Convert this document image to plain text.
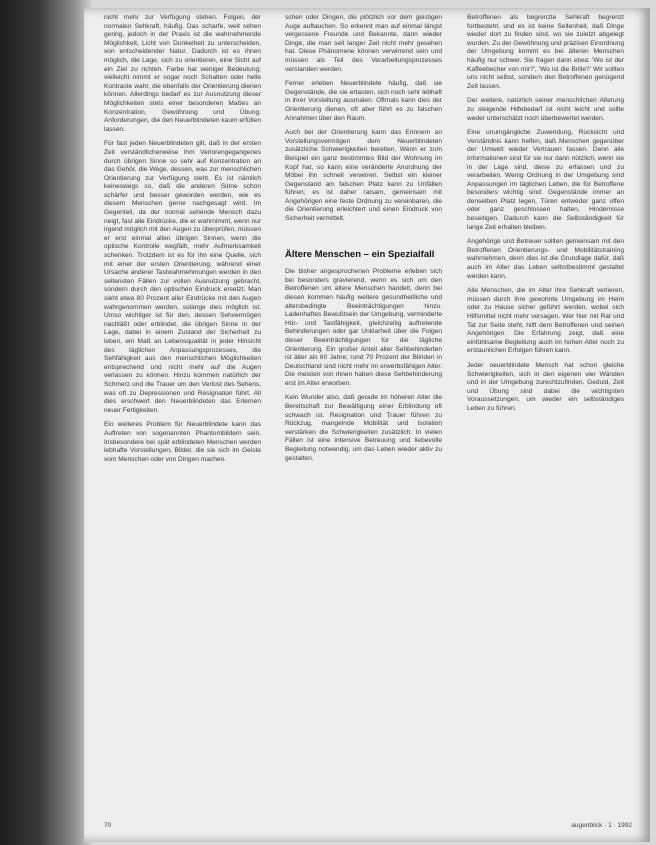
nicht mehr zur Verfügung stehen. Folgen, der normalen Sehkraft, häufig. Das scharfe, weit sehen gering, jedoch in der Praxis ist die wahrnehmende Möglichkeit, Licht von Dunkelheit zu unterscheiden, von entscheidender Natur. Dadurch ist es ihnen möglich, die Lage, sich zu orientieren, eine Sicht auf ein Ziel zu richten. Farbe hat weniger Bedeutung; vielleicht nimmt er sogar noch Schatten oder helle Kontraste wahr, die ebenfalls der Orientierung dienen können. Allerdings bedarf es zur Ausnutzung dieser Möglichkeiten stets einer besonderen Maßes an Konzentration, Gewöhnung und Übung. Anforderungen, die den Neuerblindeten kaum erfüllen lassen.

Für fast jeden Neuerblindeten gilt, daß in der ersten Zeit verständlicherweise ihm Verlorengegangenes durch übrigen Sinne so sehr auf Konzentration an das Gehör, die Wege, dessen, was zur menschlichen Orientierung zur Verfügung steht. Es ist nämlich keineswegs so, daß die anderen Sinne schon schärfer und besser geworden werden, wie es diesem Menschen gerne nachgesagt wird. Im Gegenteil, da der normal sehende Mensch dazu neigt, fast alle Eindrücke, die er wahrnimmt, wenn nur irgend möglich mit den Augen zu überprüfen, müssen er erst einmal allen übrigen Sinnen, wenn die optische Kontrolle wegfällt, mehr Aufmerksamkeit schenken. Trotzdem ist es für ihn eine Quelle, sich mit einer der ersten Orientierung, während einer Ursache anderer Tastwahrnehmungen werden in den seltensten Fällen zur vollen Ausnutzung gebracht, sondern durch den optischen Eindruck ersetzt. Man sieht etwa 80 Prozent aller Eindrücke mit den Augen wahrgenommen werden, solange dies möglich ist. Umso wichtiger ist für den, dessen Sehvermögen nachläßt oder erblindet, die übrigen Sinne in der Lage, dabei in einem Zustand der Sicherheit zu leben, ein Maß an Lebensqualität in jeder Hinsicht des täglichen Anpassungsprozesses, die Sehfähigkeit aus den menschlichen Möglichkeiten entsprechend und nicht mehr auf die Augen verlassen zu können. Hinzu kommen natürlich der Schmerz und die Trauer um den Verlust des Sehens, was oft zu Depressionen und Resignation führt. All dies erschwert den Neuerblindeten das Erlernen neuer Fertigkeiten.

Ein weiteres Problem für Neuerblindete kann das Auftreten von sogenannten Phantombildern sein. Insbesondere bei spät erblindeten Menschen werden lebhafte Vorstellungen, Bilder, die sie sich im Geiste vom Menschen oder von Dingen machen.

schen oder Dingen, die plötzlich vor dem geistigen Auge auftauchen. So erkennt man auf einmal längst vergessene Freunde und Bekannte, dann wieder Dinge, die man seit langer Zeit nicht mehr gesehen hat. Diese Phänomene können verwirrend sein und müssen als Teil des Verarbeitungsprozesses verstanden werden.

Ferner erleben Neuerblindete häufig, daß sie Gegenstände, die sie ertasten, sich noch sehr lebhaft in ihrer Vorstellung ausmalen. Oftmals kann dies der Orientierung dienen, oft aber führt es zu falschen Annahmen über den Raum.

Auch bei der Orientierung kann das Erinnern an Vorstellungsvermögen dem Neuerblindeten zusätzliche Schwierigkeiten bereiten. Wenn er zum Beispiel ein ganz bestimmtes Bild der Wohnung im Kopf hat, so kann eine veränderte Anordnung der Möbel ihn schnell verwirren. Selbst ein kleiner Gegenstand am falschen Platz kann zu Unfällen führen; es ist daher ratsam, gemeinsam mit Angehörigen eine feste Ordnung zu vereinbaren, die die Orientierung erleichtert und einen Eindruck von Sicherheit vermittelt.

Ältere Menschen – ein Spezialfall

Die bisher angesprochenen Probleme erleben sich bei besonders gravierend, wenn es sich um den Betroffenen um ältere Menschen handelt, denn bei diesen kommen häufig weitere gesundheitliche und altersbedingte Beeinträchtigungen hinzu. Ladenhaftes Bewußtsein der Umgebung, verminderte Hör- und Tastfähigkeit, gleichzeitig auftretende Behinderungen oder gar Unklarheit über die Folgen dieser Beeinträchtigungen für die tägliche Orientierung. Ein großer Anteil aller Sehbehinderten ist älter als 60 Jahre; rund 70 Prozent der Blinden in Deutschland sind nicht mehr im erwerbsfähigen Alter. Die meisten von ihnen haben diese Sehbehinderung erst im Alter erworben.

Kein Wunder also, daß gerade im höheren Alter die Bereitschaft zur Bewältigung einer Erblindung oft schwach ist. Resignation und Trauer führen zu Rückzug, mangelnde Mobilität und Isolation verstärken die Schwierigkeiten zusätzlich. In vielen Fällen ist eine intensive Betreuung und liebevolle Begleitung notwendig, um das Leben wieder aktiv zu gestalten.

Betroffenen als begrenzte Sehkraft begrenzt fortbesteht, und es ist keine Seltenheit, daß Dinge wieder dort zu finden sind, wo sie zuletzt abgelegt wurden. Zu der Gewöhnung und präzisen Einordnung der Umgebung kommt es bei älteren Menschen häufig nur schwer. Sie fragen dann etwa: 'Wo ist der Kaffeebecher von mir?', 'Wo ist die Brille?' Wir sollten uns nicht selbst, sondern den Betroffenen genügend Zeit lassen.

Der weitere, natürlich seiner menschlichen Alterung zu steigende Hilfebedarf ist nicht leicht und sollte weder unterschätzt noch überbewertet werden.

Eine unumgängliche Zuwendung, Rücksicht und Verständnis kann helfen, daß Menschen gegenüber der Umwelt wieder Vertrauen fassen. Denn alle Informationen sind für sie nur dann nützlich, wenn sie in der Lage sind, diese zu erfassen und zu verarbeiten. Wenig Ordnung in der Umgebung sind Anpassungen im täglichen Leben, die für Betroffene besonders wichtig sind: Gegenstände immer an denselben Platz legen, Türen entweder ganz offen oder ganz geschlossen halten, Hindernisse beseitigen. Dadurch kann die Selbständigkeit für lange Zeit erhalten bleiben.

Angehörige und Betreuer sollten gemeinsam mit den Betroffenen Orientierungs- und Mobilitätstraining wahrnehmen, denn dies ist die Grundlage dafür, daß auch im Alter das Leben selbstbestimmt gestaltet werden kann.

Alle Menschen, die im Alter ihre Sehkraft verlieren, müssen durch ihre gewohnte Umgebung im Heim oder zu Hause sicher geführt werden, wobei sich Hilfsmittel nicht mehr versagen. Wer hier mit Rat und Tat zur Seite steht, hilft dem Betroffenen und seinen Angehörigen. Die Erfahrung zeigt, daß eine einfühlsame Begleitung auch im hohen Alter noch zu erstaunlichen Erfolgen führen kann.

Jeder neuerblindete Mensch hat schon gleiche Schwierigkeiten, sich in den eigenen vier Wänden und in der Umgebung zurechtzufinden. Geduld, Zeit und Übung sind dabei die wichtigsten Voraussetzungen, um wieder ein selbständiges Leben zu führen.

70	augenblick · 1 · 1992
